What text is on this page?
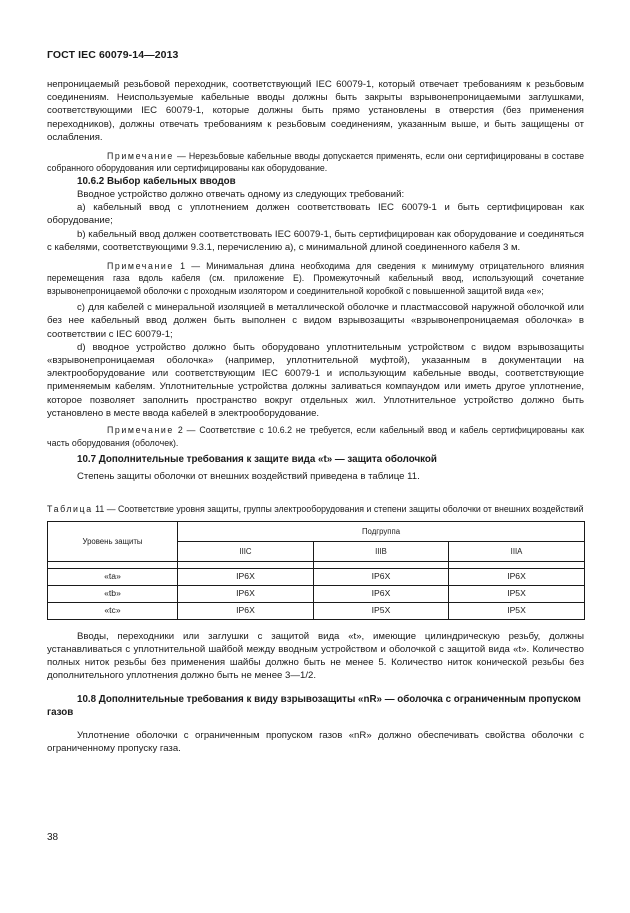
ГОСТ IEC 60079-14—2013

непроницаемый резьбовой переходник, соответствующий IEC 60079-1, который отвечает требованиям к резьбовым соединениям. Неиспользуемые кабельные вводы должны быть закрыты взрывонепроницаемыми заглушками, соответствующими IEC 60079-1, которые должны быть прямо установлены в отверстия (без применения переходников), должны отвечать требованиям к резьбовым соединениям, указанным выше, и быть защищены от ослабления.

Примечание — Нерезьбовые кабельные вводы допускается применять, если они сертифицированы в составе собранного оборудования или сертифицированы как оборудование.

10.6.2 Выбор кабельных вводов

Вводное устройство должно отвечать одному из следующих требований:

a) кабельный ввод с уплотнением должен соответствовать IEC 60079-1 и быть сертифицирован как оборудование;

b) кабельный ввод должен соответствовать IEC 60079-1, быть сертифицирован как оборудование и соединяться с кабелями, соответствующими 9.3.1, перечислению a), с минимальной длиной соединенного кабеля 3 м.

Примечание 1 — Минимальная длина необходима для сведения к минимуму отрицательного влияния перемещения газа вдоль кабеля (см. приложение E). Промежуточный кабельный ввод, использующий сочетание взрывонепроницаемой оболочки с проходным изолятором и соединительной коробкой с повышенной защитой вида «e»;

c) для кабелей с минеральной изоляцией в металлической оболочке и пластмассовой наружной оболочкой или без нее кабельный ввод должен быть выполнен с видом взрывозащиты «взрывонепроницаемая оболочка» в соответствии с IEC 60079-1;

d) вводное устройство должно быть оборудовано уплотнительным устройством с видом взрывозащиты «взрывонепроницаемая оболочка» (например, уплотнительной муфтой), указанным в документации на электрооборудование или соответствующим IEC 60079-1 и использующим кабельные вводы, соответствующие применяемым кабелям. Уплотнительные устройства должны заливаться компаундом или иметь другое уплотнение, которое позволяет заполнить пространство вокруг отдельных жил. Уплотнительное устройство должно быть установлено в месте ввода кабелей в электрооборудование.

Примечание 2 — Соответствие с 10.6.2 не требуется, если кабельный ввод и кабель сертифицированы как часть оборудования (оболочек).

10.7 Дополнительные требования к защите вида «t» — защита оболочкой

Степень защиты оболочки от внешних воздействий приведена в таблице 11.

Таблица 11 — Соответствие уровня защиты, группы электрооборудования и степени защиты оболочки от внешних воздействий

Уровень защиты	Подгруппа		
	IIIC	IIIB	IIIA

«ta»	IP6X	IP6X	IP6X
«tb»	IP6X	IP6X	IP5X
«tc»	IP6X	IP5X	IP5X

Вводы, переходники или заглушки с защитой вида «t», имеющие цилиндрическую резьбу, должны устанавливаться с уплотнительной шайбой между вводным устройством и оболочкой с защитой вида «t». Количество полных ниток резьбы без применения шайбы должно быть не менее 5. Количество ниток конической резьбы без дополнительного уплотнения должно быть не менее 3—1/2.

10.8 Дополнительные требования к виду взрывозащиты «nR» — оболочка с ограниченным пропуском газов

Уплотнение оболочки с ограниченным пропуском газов «nR» должно обеспечивать свойства оболочки с ограниченному пропуску газа.

38
